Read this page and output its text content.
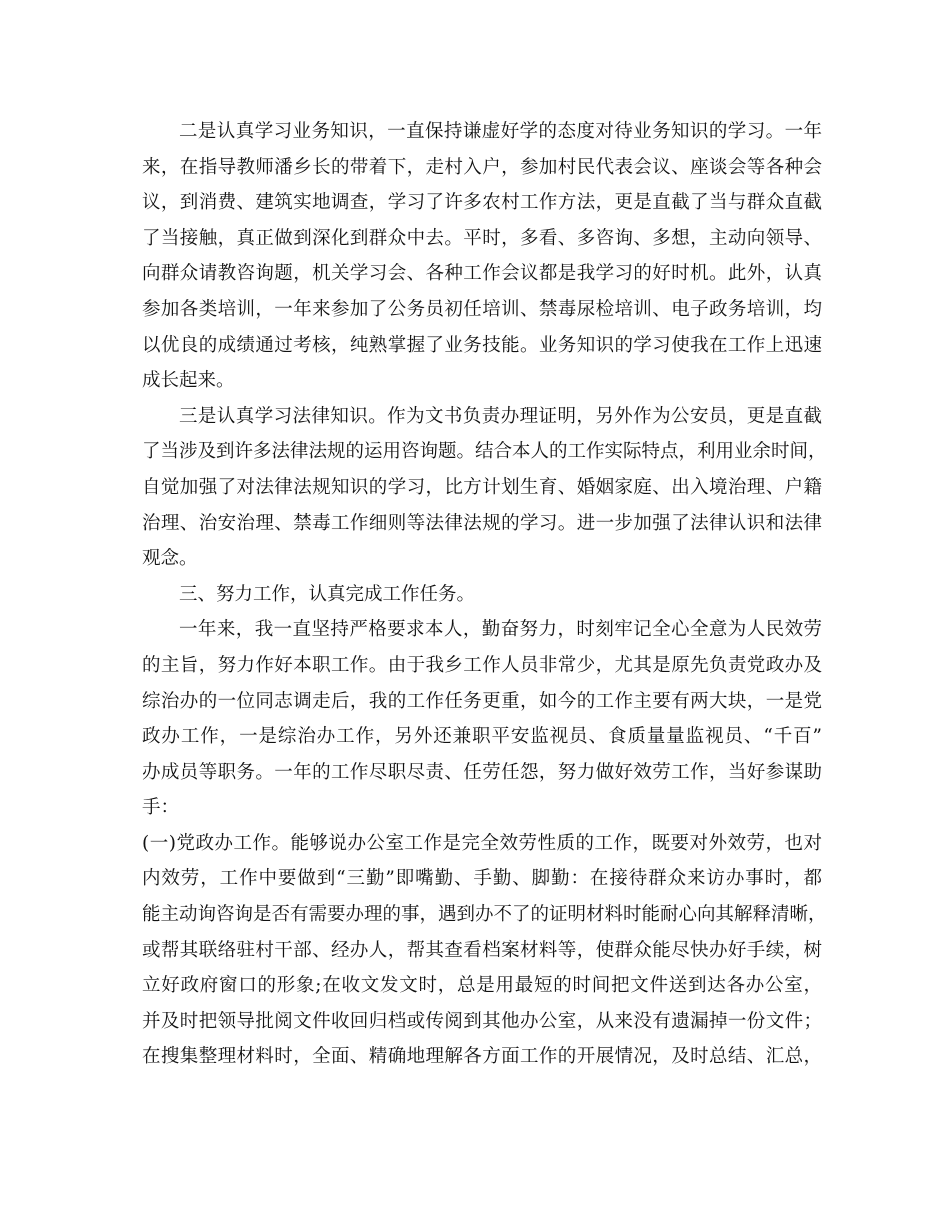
二是认真学习业务知识，一直保持谦虚好学的态度对待业务知识的学习。一年
来，在指导教师潘乡长的带着下，走村入户，参加村民代表会议、座谈会等各种会
议，到消费、建筑实地调查，学习了许多农村工作方法，更是直截了当与群众直截
了当接触，真正做到深化到群众中去。平时，多看、多咨询、多想，主动向领导、
向群众请教咨询题，机关学习会、各种工作会议都是我学习的好时机。此外，认真
参加各类培训，一年来参加了公务员初任培训、禁毒尿检培训、电子政务培训，均
以优良的成绩通过考核，纯熟掌握了业务技能。业务知识的学习使我在工作上迅速
成长起来。
三是认真学习法律知识。作为文书负责办理证明，另外作为公安员，更是直截
了当涉及到许多法律法规的运用咨询题。结合本人的工作实际特点，利用业余时间，
自觉加强了对法律法规知识的学习，比方计划生育、婚姻家庭、出入境治理、户籍
治理、治安治理、禁毒工作细则等法律法规的学习。进一步加强了法律认识和法律
观念。
三、努力工作，认真完成工作任务。
一年来，我一直坚持严格要求本人，勤奋努力，时刻牢记全心全意为人民效劳
的主旨，努力作好本职工作。由于我乡工作人员非常少，尤其是原先负责党政办及
综治办的一位同志调走后，我的工作任务更重，如今的工作主要有两大块，一是党
政办工作，一是综治办工作，另外还兼职平安监视员、食质量量监视员、“千百”
办成员等职务。一年的工作尽职尽责、任劳任怨，努力做好效劳工作，当好参谋助
手：
(一)党政办工作。能够说办公室工作是完全效劳性质的工作，既要对外效劳，也对
内效劳，工作中要做到“三勤”即嘴勤、手勤、脚勤：在接待群众来访办事时，都
能主动询咨询是否有需要办理的事，遇到办不了的证明材料时能耐心向其解释清晰，
或帮其联络驻村干部、经办人，帮其查看档案材料等，使群众能尽快办好手续，树
立好政府窗口的形象;在收文发文时，总是用最短的时间把文件送到达各办公室，
并及时把领导批阅文件收回归档或传阅到其他办公室，从来没有遗漏掉一份文件；
在搜集整理材料时，全面、精确地理解各方面工作的开展情况，及时总结、汇总，
